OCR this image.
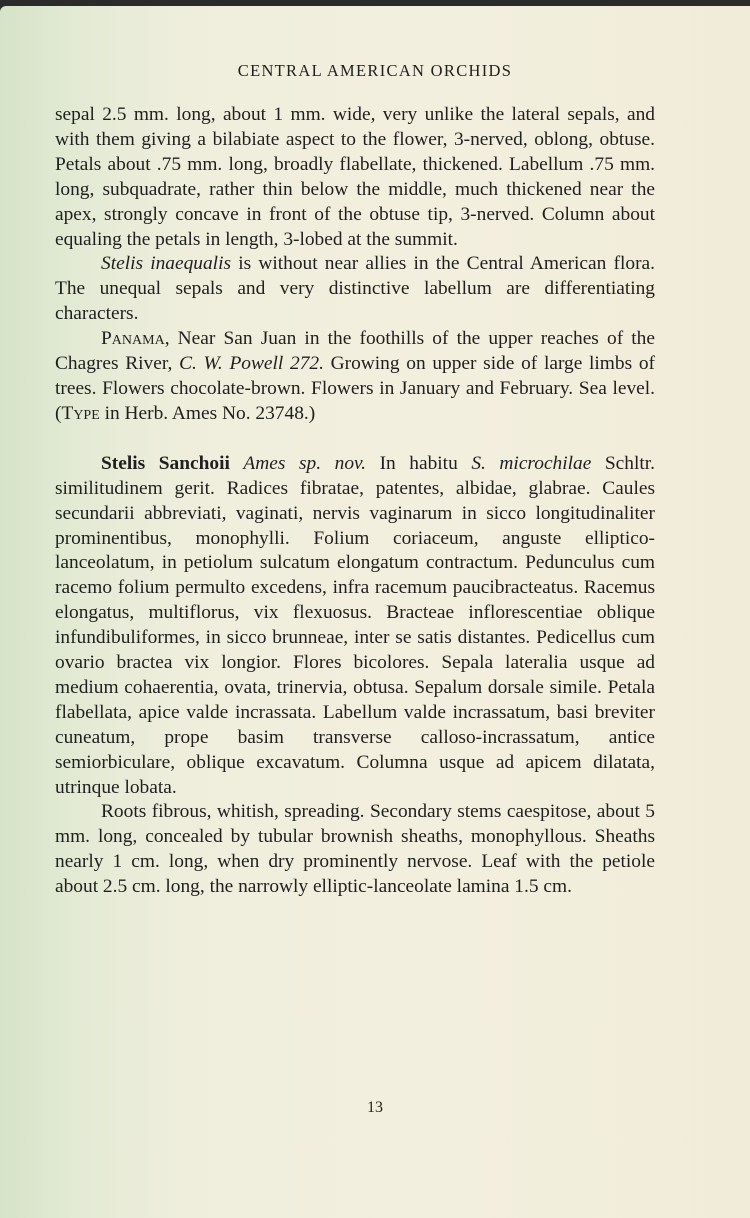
CENTRAL AMERICAN ORCHIDS

sepal 2.5 mm. long, about 1 mm. wide, very unlike the lateral sepals, and with them giving a bilabiate aspect to the flower, 3-nerved, oblong, obtuse. Petals about .75 mm. long, broadly flabellate, thickened. Labellum .75 mm. long, subquadrate, rather thin below the middle, much thickened near the apex, strongly concave in front of the obtuse tip, 3-nerved. Column about equaling the petals in length, 3-lobed at the summit.

Stelis inaequalis is without near allies in the Central American flora. The unequal sepals and very distinctive labellum are differentiating characters.

Panama, Near San Juan in the foothills of the upper reaches of the Chagres River, C. W. Powell 272. Growing on upper side of large limbs of trees. Flowers chocolate-brown. Flowers in January and February. Sea level. (Type in Herb. Ames No. 23748.)

Stelis Sanchoii Ames sp. nov. In habitu S. microchilae Schltr. similitudinem gerit. Radices fibratae, patentes, albidae, glabrae. Caules secundarii abbreviati, vaginati, nervis vaginarum in sicco longitudinaliter prominentibus, monophylli. Folium coriaceum, anguste elliptico-lanceolatum, in petiolum sulcatum elongatum contractum. Pedunculus cum racemo folium permulto excedens, infra racemum paucibracteatus. Racemus elongatus, multiflorus, vix flexuosus. Bracteae inflorescentiae oblique infundibuliformes, in sicco brunneae, inter se satis distantes. Pedicellus cum ovario bractea vix longior. Flores bicolores. Sepala lateralia usque ad medium cohaerentia, ovata, trinervia, obtusa. Sepalum dorsale simile. Petala flabellata, apice valde incrassata. Labellum valde incrassatum, basi breviter cuneatum, prope basim transverse calloso-incrassatum, antice semiorbiculare, oblique excavatum. Columna usque ad apicem dilatata, utrinque lobata.

Roots fibrous, whitish, spreading. Secondary stems caespitose, about 5 mm. long, concealed by tubular brownish sheaths, monophyllous. Sheaths nearly 1 cm. long, when dry prominently nervose. Leaf with the petiole about 2.5 cm. long, the narrowly elliptic-lanceolate lamina 1.5 cm.

13
